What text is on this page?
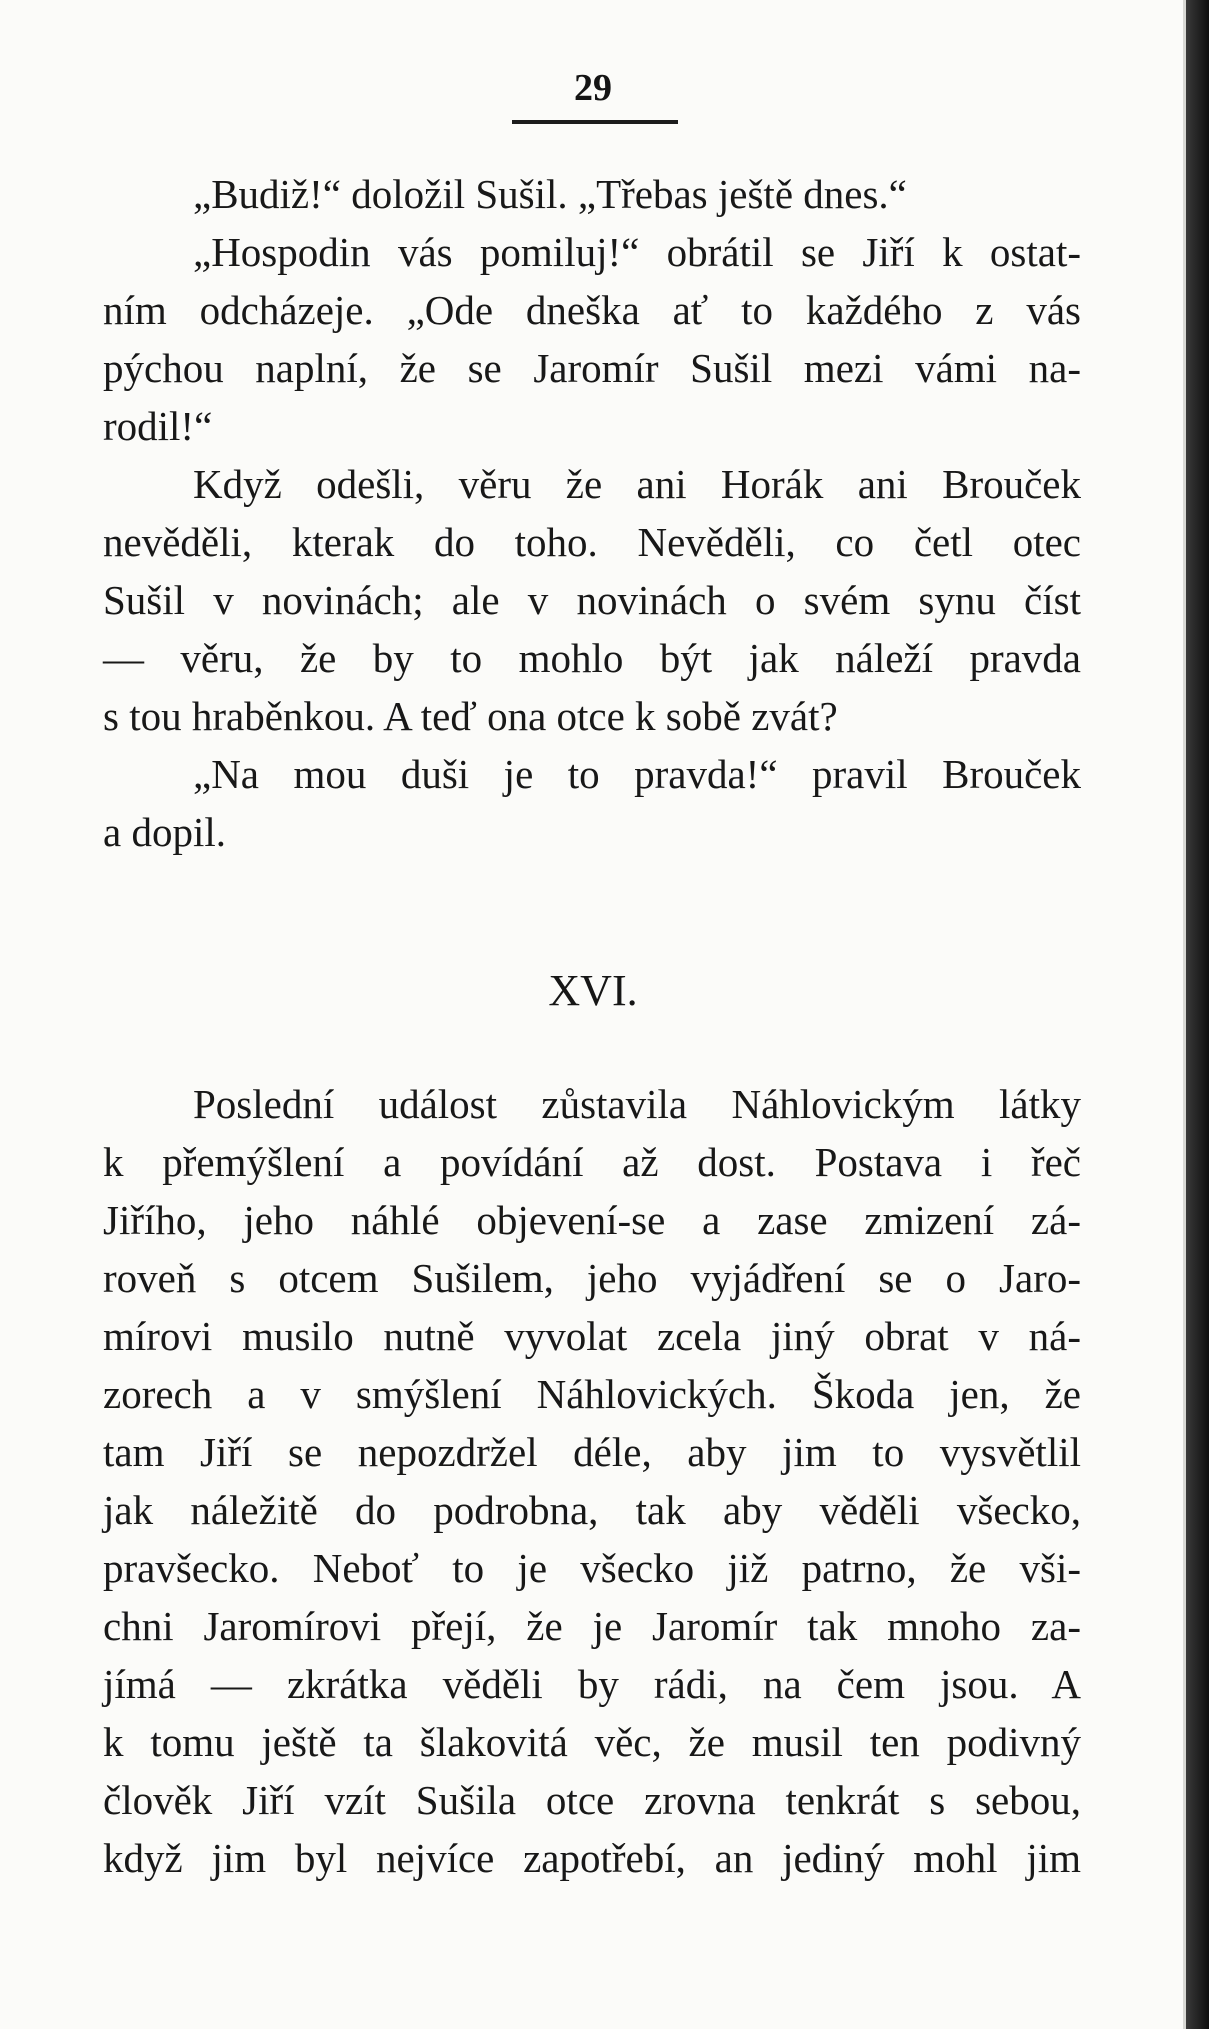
29
„Budiž!“ doložil Sušil. „Třebas ještě dnes.“
„Hospodin vás pomiluj!“ obrátil se Jiří k ostat-
ním odcházeje. „Ode dneška ať to každého z vás
pýchou naplní, že se Jaromír Sušil mezi vámi na-
rodil!“
Když odešli, věru že ani Horák ani Brouček
nevěděli, kterak do toho. Nevěděli, co četl otec
Sušil v novinách; ale v novinách o svém synu číst
— věru, že by to mohlo být jak náleží pravda
s tou hraběnkou. A teď ona otce k sobě zvát?
„Na mou duši je to pravda!“ pravil Brouček
a dopil.
XVI.
Poslední událost zůstavila Náhlovickým látky
k přemýšlení a povídání až dost. Postava i řeč
Jiřího, jeho náhlé objevení-se a zase zmizení zá-
roveň s otcem Sušilem, jeho vyjádření se o Jaro-
mírovi musilo nutně vyvolat zcela jiný obrat v ná-
zorech a v smýšlení Náhlovických. Škoda jen, že
tam Jiří se nepozdržel déle, aby jim to vysvětlil
jak náležitě do podrobna, tak aby věděli všecko,
pravšecko. Neboť to je všecko již patrno, že vši-
chni Jaromírovi přejí, že je Jaromír tak mnoho za-
jímá — zkrátka věděli by rádi, na čem jsou. A
k tomu ještě ta šlakovitá věc, že musil ten podivný
člověk Jiří vzít Sušila otce zrovna tenkrát s sebou,
když jim byl nejvíce zapotřebí, an jediný mohl jim
